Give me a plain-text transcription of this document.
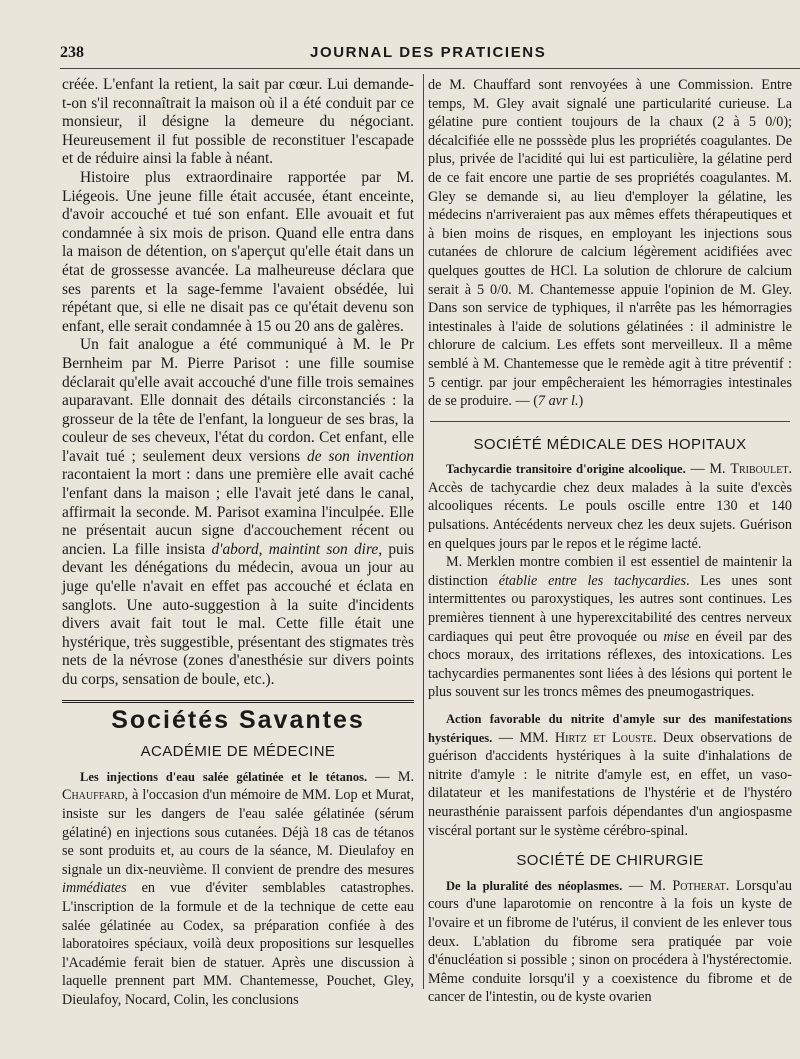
238	JOURNAL DES PRATICIENS

créée. L'enfant la retient, la sait par cœur. Lui demande-t-on s'il reconnaîtrait la maison où il a été conduit par ce monsieur, il désigne la demeure du négociant. Heureusement il fut possible de reconstituer l'escapade et de réduire ainsi la fable à néant.

Histoire plus extraordinaire rapportée par M. Liégeois. Une jeune fille était accusée, étant enceinte, d'avoir accouché et tué son enfant. Elle avouait et fut condamnée à six mois de prison. Quand elle entra dans la maison de détention, on s'aperçut qu'elle était dans un état de grossesse avancée. La malheureuse déclara que ses parents et la sage-femme l'avaient obsédée, lui répétant que, si elle ne disait pas ce qu'était devenu son enfant, elle serait condamnée à 15 ou 20 ans de galères.

Un fait analogue a été communiqué à M. le Pr Bernheim par M. Pierre Parisot : une fille soumise déclarait qu'elle avait accouché d'une fille trois semaines auparavant. Elle donnait des détails circonstanciés : la grosseur de la tête de l'enfant, la longueur de ses bras, la couleur de ses cheveux, l'état du cordon. Cet enfant, elle l'avait tué ; seulement deux versions de son invention racontaient la mort : dans une première elle avait caché l'enfant dans la maison ; elle l'avait jeté dans le canal, affirmait la seconde. M. Parisot examina l'inculpée. Elle ne présentait aucun signe d'accouchement récent ou ancien. La fille insista d'abord, maintint son dire, puis devant les dénégations du médecin, avoua un jour au juge qu'elle n'avait en effet pas accouché et éclata en sanglots. Une auto-suggestion à la suite d'incidents divers avait fait tout le mal. Cette fille était une hystérique, très suggestible, présentant des stigmates très nets de la névrose (zones d'anesthésie sur divers points du corps, sensation de boule, etc.).

Sociétés Savantes
ACADÉMIE DE MÉDECINE

Les injections d'eau salée gélatinée et le tétanos. — M. Chauffard, à l'occasion d'un mémoire de MM. Lop et Murat, insiste sur les dangers de l'eau salée gélatinée (sérum gélatiné) en injections sous cutanées. Déjà 18 cas de tétanos se sont produits et, au cours de la séance, M. Dieulafoy en signale un dix-neuvième. Il convient de prendre des mesures immédiates en vue d'éviter semblables catastrophes. L'inscription de la formule et de la technique de cette eau salée gélatinée au Codex, sa préparation confiée à des laboratoires spéciaux, voilà deux propositions sur lesquelles l'Académie ferait bien de statuer. Après une discussion à laquelle prennent part MM. Chantemesse, Pouchet, Gley, Dieulafoy, Nocard, Colin, les conclusions

de M. Chauffard sont renvoyées à une Commission. Entre temps, M. Gley avait signalé une particularité curieuse. La gélatine pure contient toujours de la chaux (2 à 5 0/0); décalcifiée elle ne posssède plus les propriétés coagulantes. De plus, privée de l'acidité qui lui est particulière, la gélatine perd de ce fait encore une partie de ses propriétés coagulantes. M. Gley se demande si, au lieu d'employer la gélatine, les médecins n'arriveraient pas aux mêmes effets thérapeutiques et à bien moins de risques, en employant les injections sous cutanées de chlorure de calcium légèrement acidifiées avec quelques gouttes de HCl. La solution de chlorure de calcium serait à 5 0/0. M. Chantemesse appuie l'opinion de M. Gley. Dans son service de typhiques, il n'arrête pas les hémorragies intestinales à l'aide de solutions gélatinées : il administre le chlorure de calcium. Les effets sont merveilleux. Il a même semblé à M. Chantemesse que le remède agit à titre préventif : 5 centigr. par jour empêcheraient les hémorragies intestinales de se produire. — (7 avr l.)

SOCIÉTÉ MÉDICALE DES HOPITAUX

Tachycardie transitoire d'origine alcoolique. — M. Triboulet. Accès de tachycardie chez deux malades à la suite d'excès alcooliques récents. Le pouls oscille entre 130 et 140 pulsations. Antécédents nerveux chez les deux sujets. Guérison en quelques jours par le repos et le régime lacté.

M. Merklen montre combien il est essentiel de maintenir la distinction établie entre les tachycardies. Les unes sont intermittentes ou paroxystiques, les autres sont continues. Les premières tiennent à une hyperexcitabilité des centres nerveux cardiaques qui peut être provoquée ou mise en éveil par des chocs moraux, des irritations réflexes, des intoxications. Les tachycardies permanentes sont liées à des lésions qui portent le plus souvent sur les troncs mêmes des pneumogastriques.

Action favorable du nitrite d'amyle sur des manifestations hystériques. — MM. Hirtz et Louste. Deux observations de guérison d'accidents hystériques à la suite d'inhalations de nitrite d'amyle : le nitrite d'amyle est, en effet, un vaso-dilatateur et les manifestations de l'hystérie et de l'hystéro neurasthénie paraissent parfois dépendantes d'un angiospasme viscéral portant sur le système cérébro-spinal.

SOCIÉTÉ DE CHIRURGIE

De la pluralité des néoplasmes. — M. Potherat. Lorsqu'au cours d'une laparotomie on rencontre à la fois un kyste de l'ovaire et un fibrome de l'utérus, il convient de les enlever tous deux. L'ablation du fibrome sera pratiquée par voie d'énucléation si possible ; sinon on procédera à l'hystérectomie. Même conduite lorsqu'il y a coexistence du fibrome et de cancer de l'intestin, ou de kyste ovarien
